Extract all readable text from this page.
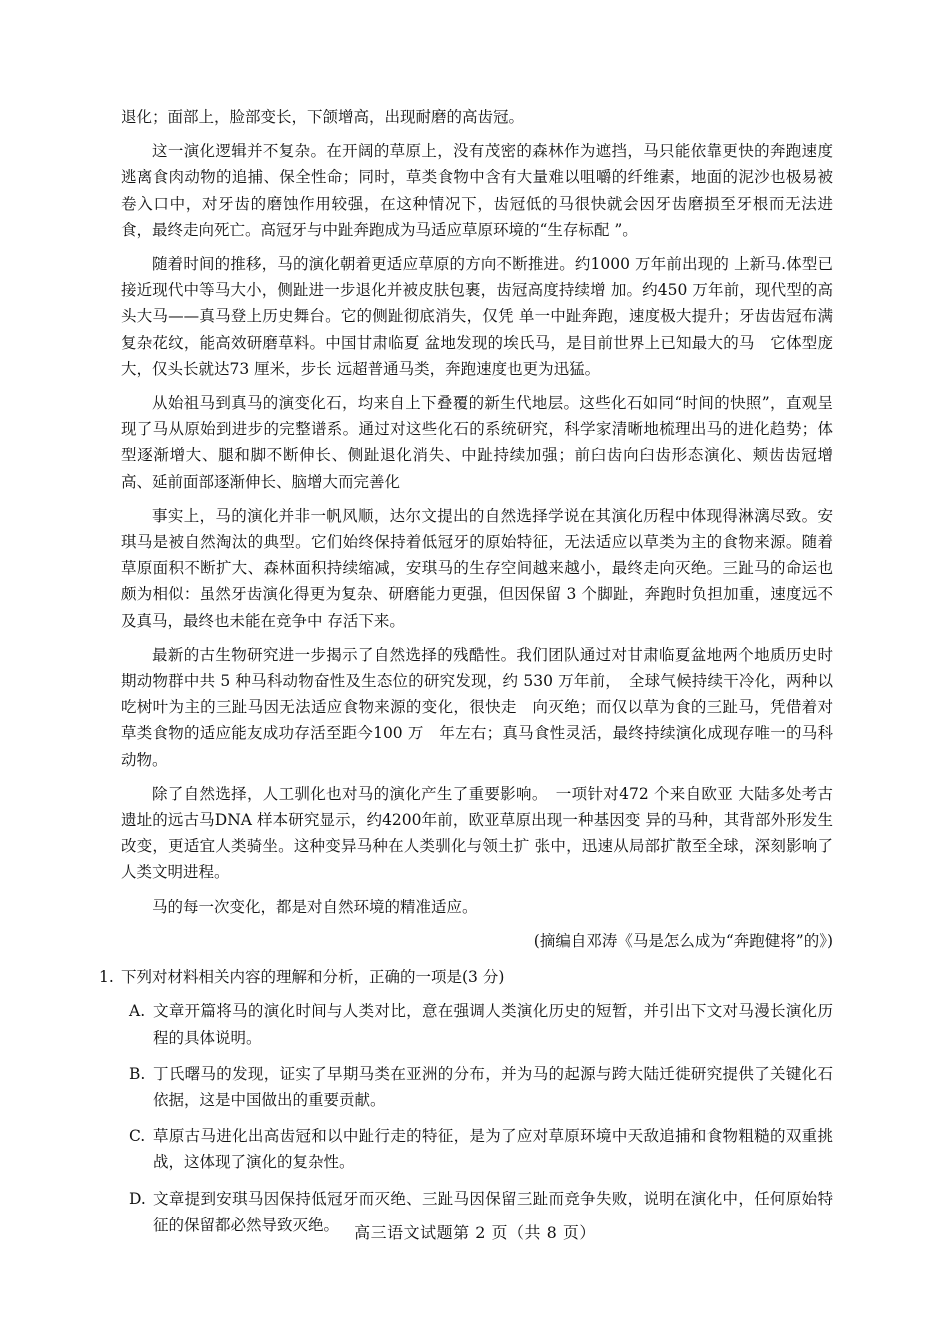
退化；面部上，脸部变长，下颌增高，出现耐磨的高齿冠。

这一演化逻辑并不复杂。在开阔的草原上，没有茂密的森林作为遮挡，马只能依靠更快的奔跑速度逃离食肉动物的追捕、保全性命；同时，草类食物中含有大量难以咀嚼的纤维素，地面的泥沙也极易被卷入口中，对牙齿的磨蚀作用较强，在这种情况下，齿冠低的马很快就会因牙齿磨损至牙根而无法进食，最终走向死亡。高冠牙与中趾奔跑成为马适应草原环境的“生存标配 ”。

随着时间的推移，马的演化朝着更适应草原的方向不断推进。约1000 万年前出现的 上新马.体型已接近现代中等马大小，侧趾进一步退化并被皮肤包裹，齿冠高度持续增 加。约450 万年前，现代型的高头大马——真马登上历史舞台。它的侧趾彻底消失，仅凭 单一中趾奔跑，速度极大提升；牙齿齿冠布满复杂花纹，能高效研磨草料。中国甘肃临夏 盆地发现的埃氏马，是目前世界上已知最大的马　它体型庞大，仅头长就达73 厘米，步长 远超普通马类，奔跑速度也更为迅猛。

从始祖马到真马的演变化石，均来自上下叠覆的新生代地层。这些化石如同“时间的快照”，直观呈现了马从原始到进步的完整谱系。通过对这些化石的系统研究，科学家清晰地梳理出马的进化趋势；体型逐渐增大、腿和脚不断伸长、侧趾退化消失、中趾持续加强；前臼齿向臼齿形态演化、颊齿齿冠增高、延前面部逐渐伸长、脑增大而完善化

事实上，马的演化并非一帆风顺，达尔文提出的自然选择学说在其演化历程中体现得淋漓尽致。安琪马是被自然淘汰的典型。它们始终保持着低冠牙的原始特征，无法适应以草类为主的食物来源。随着草原面积不断扩大、森林面积持续缩减，安琪马的生存空间越来越小，最终走向灭绝。三趾马的命运也颇为相似：虽然牙齿演化得更为复杂、研磨能力更强，但因保留 3 个脚趾，奔跑时负担加重，速度远不及真马，最终也未能在竞争中 存活下来。

最新的古生物研究进一步揭示了自然选择的残酷性。我们团队通过对甘肃临夏盆地两个地质历史时期动物群中共 5 种马科动物奋性及生态位的研究发现，约 530 万年前，　全球气候持续干冷化，两种以吃树叶为主的三趾马因无法适应食物来源的变化，很快走　向灭绝；而仅以草为食的三趾马，凭借着对草类食物的适应能友成功存活至距今100 万　年左右；真马食性灵活，最终持续演化成现存唯一的马科动物。

除了自然选择，人工驯化也对马的演化产生了重要影响。　一项针对472 个来自欧亚 大陆多处考古遗址的远古马DNA 样本研究显示，约4200年前，欧亚草原出现一种基因变 异的马种，其背部外形发生改变，更适宜人类骑坐。这种变异马种在人类驯化与领土扩 张中，迅速从局部扩散至全球，深刻影响了人类文明进程。

马的每一次变化，都是对自然环境的精准适应。

(摘编自邓涛《马是怎么成为“奔跑健将”的》)
1. 下列对材料相关内容的理解和分析，正确的一项是(3 分)
A. 文章开篇将马的演化时间与人类对比，意在强调人类演化历史的短暂，并引出下文对马漫长演化历程的具体说明。
B. 丁氏曙马的发现，证实了早期马类在亚洲的分布，并为马的起源与跨大陆迁徙研究提供了关键化石依据，这是中国做出的重要贡献。
C. 草原古马进化出高齿冠和以中趾行走的特征，是为了应对草原环境中天敌追捕和食物粗糙的双重挑战，这体现了演化的复杂性。
D. 文章提到安琪马因保持低冠牙而灭绝、三趾马因保留三趾而竞争失败，说明在演化中，任何原始特征的保留都必然导致灭绝。 高三语文试题第 2 页（共 8 页）
